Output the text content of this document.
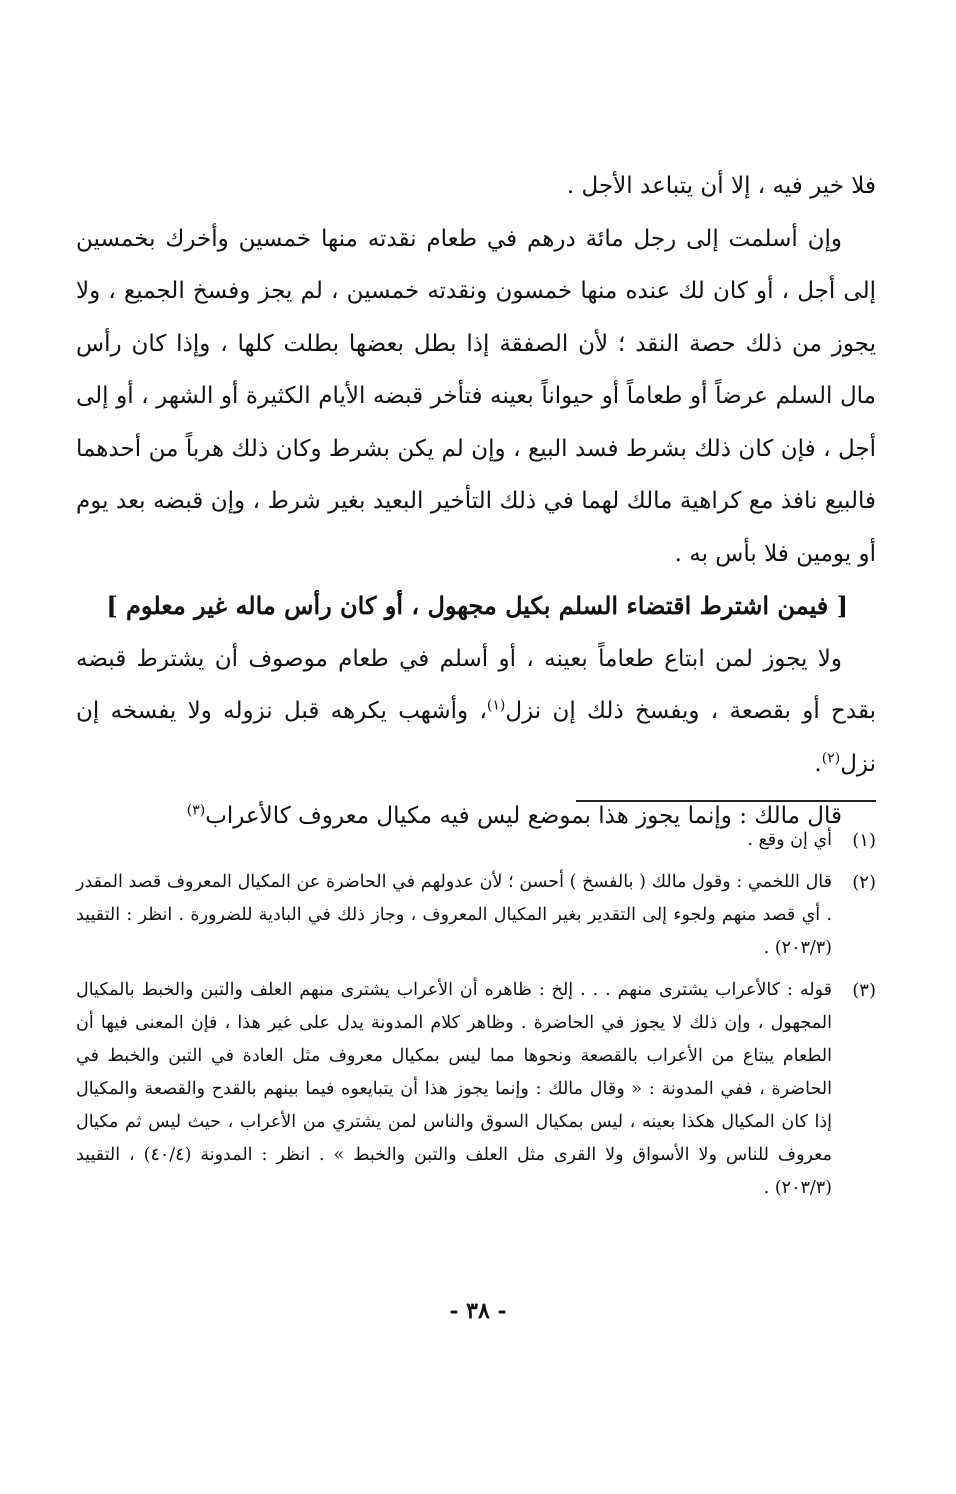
فلا خير فيه ، إلا أن يتباعد الأجل .

وإن أسلمت إلى رجل مائة درهم في طعام نقدته منها خمسين وأخرك بخمسين إلى أجل ، أو كان لك عنده منها خمسون ونقدته خمسين ، لم يجز وفسخ الجميع ، ولا يجوز من ذلك حصة النقد ؛ لأن الصفقة إذا بطل بعضها بطلت كلها ، وإذا كان رأس مال السلم عرضاً أو طعاماً أو حيواناً بعينه فتأخر قبضه الأيام الكثيرة أو الشهر ، أو إلى أجل ، فإن كان ذلك بشرط فسد البيع ، وإن لم يكن بشرط وكان ذلك هرباً من أحدهما فالبيع نافذ مع كراهية مالك لهما في ذلك التأخير البعيد بغير شرط ، وإن قبضه بعد يوم أو يومين فلا بأس به .

[ فيمن اشترط اقتضاء السلم بكيل مجهول ، أو كان رأس ماله غير معلوم ]

ولا يجوز لمن ابتاع طعاماً بعينه ، أو أسلم في طعام موصوف أن يشترط قبضه بقدح أو بقصعة ، ويفسخ ذلك إن نزل$^{(١)}$، وأشهب يكرهه قبل نزوله ولا يفسخه إن نزل$^{(٢)}$.

قال مالك : وإنما يجوز هذا بموضع ليس فيه مكيال معروف كالأعراب$^{(٣)}$

(١)
أي إن وقع .
(٢)
قال اللخمي : وقول مالك ( بالفسخ ) أحسن ؛ لأن عدولهم في الحاضرة عن المكيال المعروف قصد المقدر . أي قصد منهم ولجوء إلى التقدير بغير المكيال المعروف ، وجاز ذلك في البادية للضرورة . انظر : التقييد (٢٠٣/٣) .
(٣)
قوله : كالأعراب يشترى منهم . . . إلخ : ظاهره أن الأعراب يشترى منهم العلف والتبن والخبط بالمكيال المجهول ، وإن ذلك لا يجوز في الحاضرة . وظاهر كلام المدونة يدل على غير هذا ، فإن المعنى فيها أن الطعام يبتاع من الأعراب بالقصعة ونحوها مما ليس بمكيال معروف مثل العادة في التبن والخبط في الحاضرة ، ففي المدونة : « وقال مالك : وإنما يجوز هذا أن يتبايعوه فيما بينهم بالقدح والقصعة والمكيال إذا كان المكيال هكذا بعينه ، ليس بمكيال السوق والناس لمن يشتري من الأعراب ، حيث ليس ثم مكيال معروف للناس ولا الأسواق ولا القرى مثل العلف والتبن والخبط » . انظر : المدونة (٤٠/٤) ، التقييد (٢٠٣/٣) .
- ٣٨ -
